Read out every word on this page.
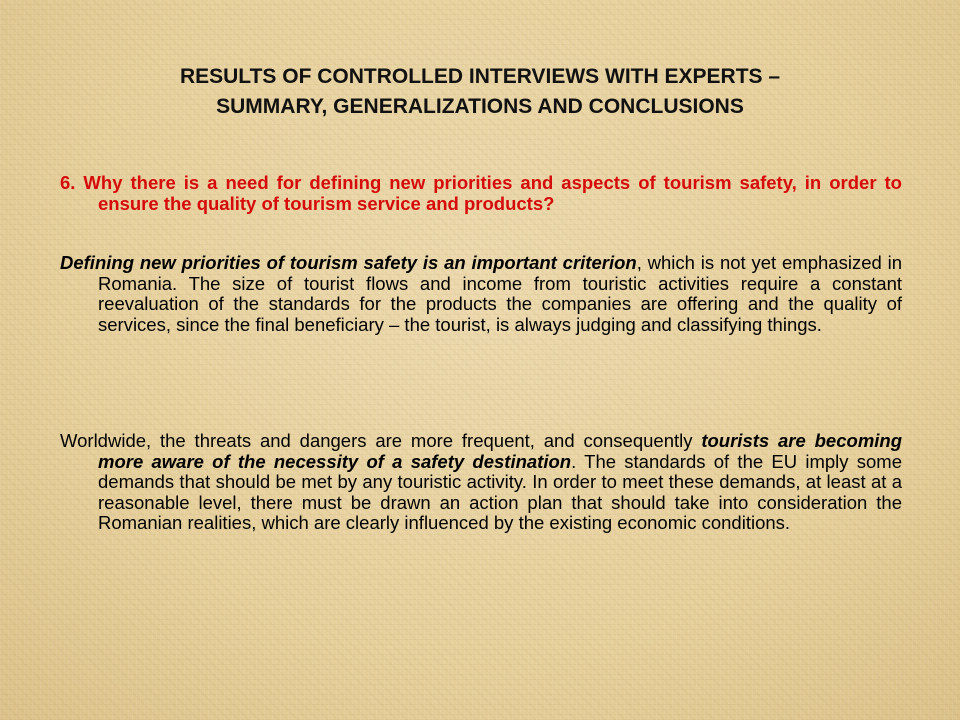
RESULTS OF CONTROLLED INTERVIEWS WITH EXPERTS –
SUMMARY, GENERALIZATIONS AND CONCLUSIONS

6. Why there is a need for defining new priorities and aspects of tourism safety, in order to ensure the quality of tourism service and products?

Defining new priorities of tourism safety is an important criterion, which is not yet emphasized in Romania. The size of tourist flows and income from touristic activities require a constant reevaluation of the standards for the products the companies are offering and the quality of services, since the final beneficiary – the tourist, is always judging and classifying things.

Worldwide, the threats and dangers are more frequent, and consequently tourists are becoming more aware of the necessity of a safety destination. The standards of the EU imply some demands that should be met by any touristic activity. In order to meet these demands, at least at a reasonable level, there must be drawn an action plan that should take into consideration the Romanian realities, which are clearly influenced by the existing economic conditions.
